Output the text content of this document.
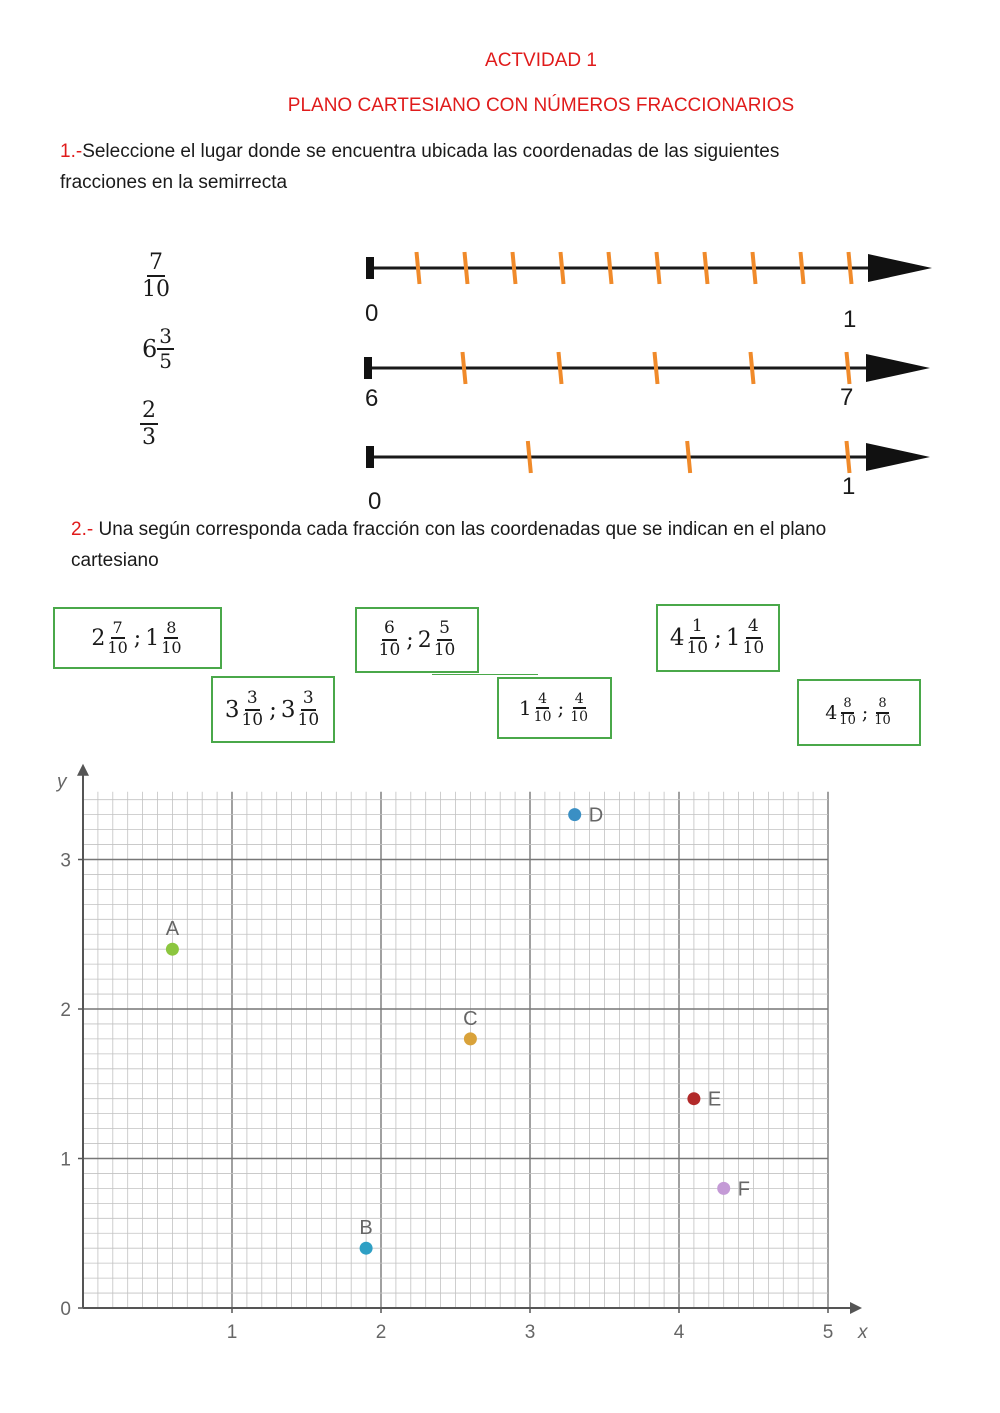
ACTVIDAD 1
PLANO CARTESIANO CON NÚMEROS FRACCIONARIOS
1.-Seleccione el lugar donde se encuentra ubicada las coordenadas de las siguientes
fracciones en la semirrecta
$\frac{7}{10}$
$6 \frac{3}{5}$
$\frac{2}{3}$
0	1
6	7
0
1
2.- Una según corresponda cada fracción con las coordenadas que se indican en el plano
cartesiano
$2 \frac{7}{10}$ ; $1 \frac{8}{10}$	$\frac{6}{10}$ ; $2 \frac{5}{10}$	$4 \frac{1}{10}$ ; $1 \frac{4}{10}$
$3 \frac{3}{10}$ ; $3 \frac{3}{10}$	$1 \frac{4}{10}$ ; $\frac{4}{10}$	$4 \frac{8}{10}$ ; $\frac{8}{10}$
1	2	3	4	5
0
1
2
3
x
y
A
B
C
D
E
F
